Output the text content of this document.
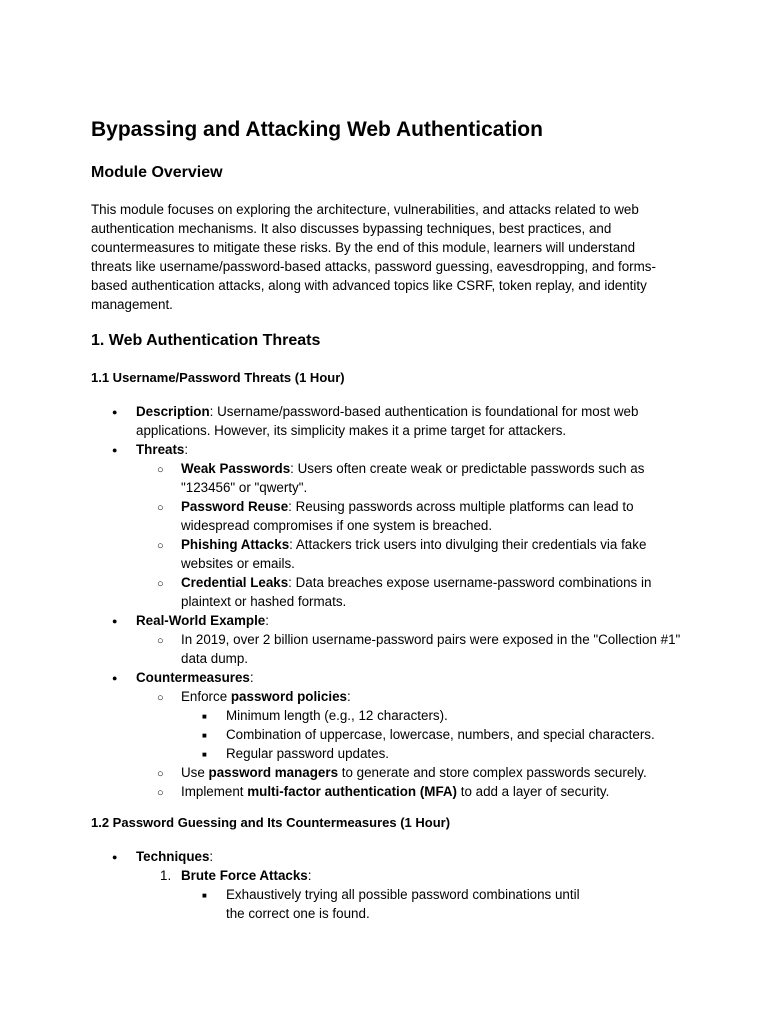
Bypassing and Attacking Web Authentication
Module Overview

This module focuses on exploring the architecture, vulnerabilities, and attacks related to web authentication mechanisms. It also discusses bypassing techniques, best practices, and countermeasures to mitigate these risks. By the end of this module, learners will understand threats like username/password-based attacks, password guessing, eavesdropping, and forms-based authentication attacks, along with advanced topics like CSRF, token replay, and identity management.

1. Web Authentication Threats
1.1 Username/Password Threats (1 Hour)
●
Description: Username/password-based authentication is foundational for most web applications. However, its simplicity makes it a prime target for attackers.
●
Threats:
○
Weak Passwords: Users often create weak or predictable passwords such as "123456" or "qwerty".
○
Password Reuse: Reusing passwords across multiple platforms can lead to widespread compromises if one system is breached.
○
Phishing Attacks: Attackers trick users into divulging their credentials via fake websites or emails.
○
Credential Leaks: Data breaches expose username-password combinations in plaintext or hashed formats.
●
Real-World Example:
○
In 2019, over 2 billion username-password pairs were exposed in the "Collection #1" data dump.
●
Countermeasures:
○
Enforce password policies:
■
Minimum length (e.g., 12 characters).
■
Combination of uppercase, lowercase, numbers, and special characters.
■
Regular password updates.
○
Use password managers to generate and store complex passwords securely.
○
Implement multi-factor authentication (MFA) to add a layer of security.
1.2 Password Guessing and Its Countermeasures (1 Hour)
●
Techniques:
1. Brute Force Attacks:
■
Exhaustively trying all possible password combinations until the correct one is found.
